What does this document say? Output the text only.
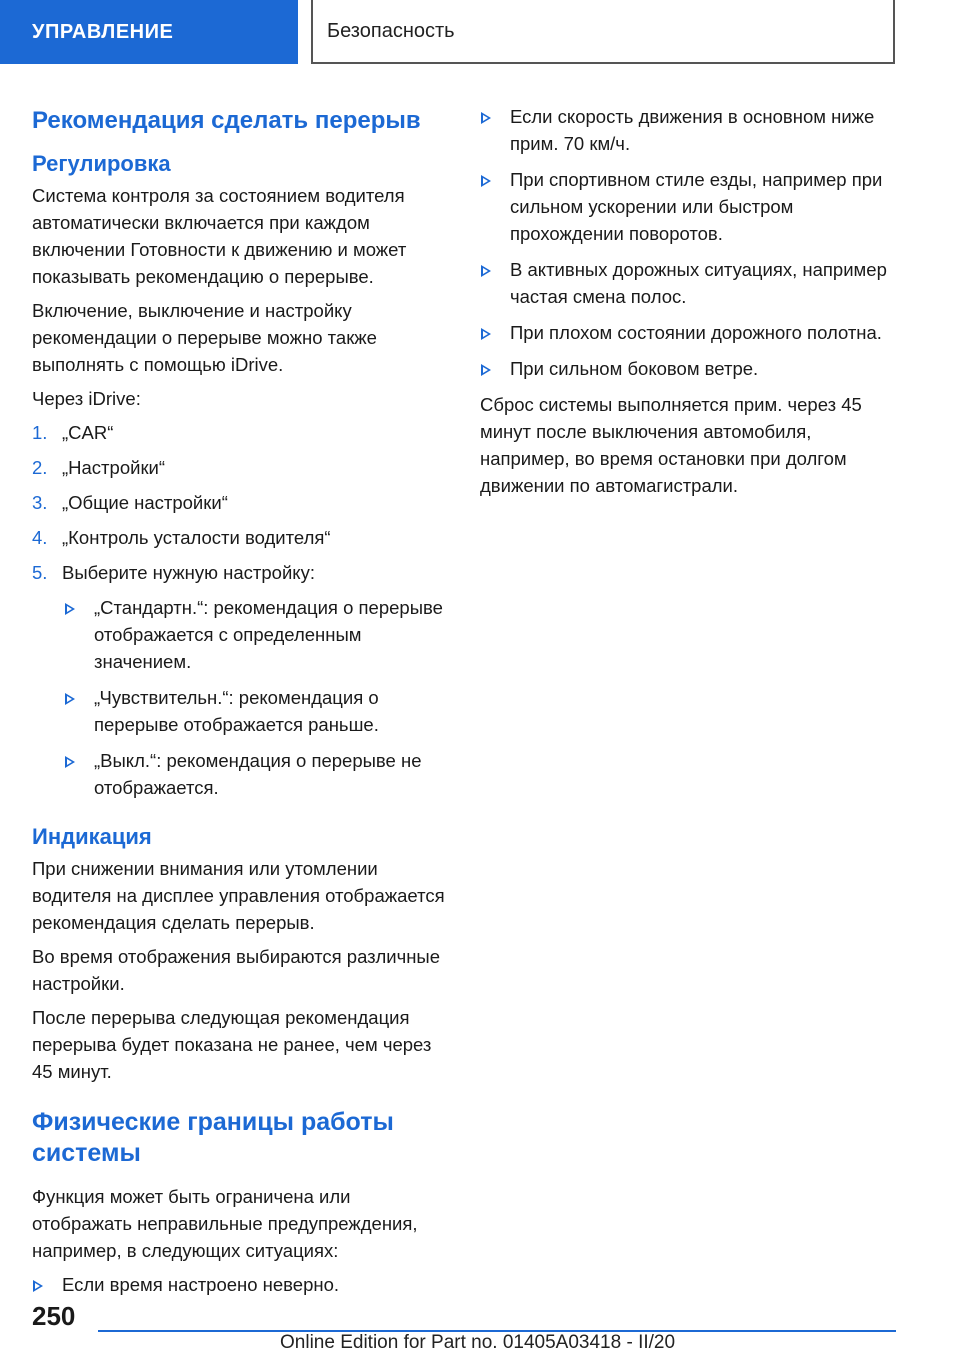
УПРАВЛЕНИЕ	Безопасность
Рекомендация сделать перерыв
Регулировка

Система контроля за состоянием водителя автоматически включается при каждом включении Готовности к движению и может показывать рекомендацию о перерыве.

Включение, выключение и настройку рекомендации о перерыве можно также выполнять с помощью iDrive.

Через iDrive:

1. „CAR“
2. „Настройки“
3. „Общие настройки“
4. „Контроль усталости водителя“
5. Выберите нужную настройку:
„Стандартн.“: рекомендация о перерыве отображается с определенным значением.
„Чувствительн.“: рекомендация о перерыве отображается раньше.
„Выкл.“: рекомендация о перерыве не отображается.
Индикация

При снижении внимания или утомлении водителя на дисплее управления отображается рекомендация сделать перерыв.

Во время отображения выбираются различные настройки.

После перерыва следующая рекомендация перерыва будет показана не ранее, чем через 45 минут.

Физические границы работы системы

Функция может быть ограничена или отображать неправильные предупреждения, например, в следующих ситуациях:

Если время настроено неверно.
Если скорость движения в основном ниже прим. 70 км/ч.
При спортивном стиле езды, например при сильном ускорении или быстром прохождении поворотов.
В активных дорожных ситуациях, например частая смена полос.
При плохом состоянии дорожного полотна.
При сильном боковом ветре.

Сброс системы выполняется прим. через 45 минут после выключения автомобиля, например, во время остановки при долгом движении по автомагистрали.

250
Online Edition for Part no. 01405A03418 - II/20
